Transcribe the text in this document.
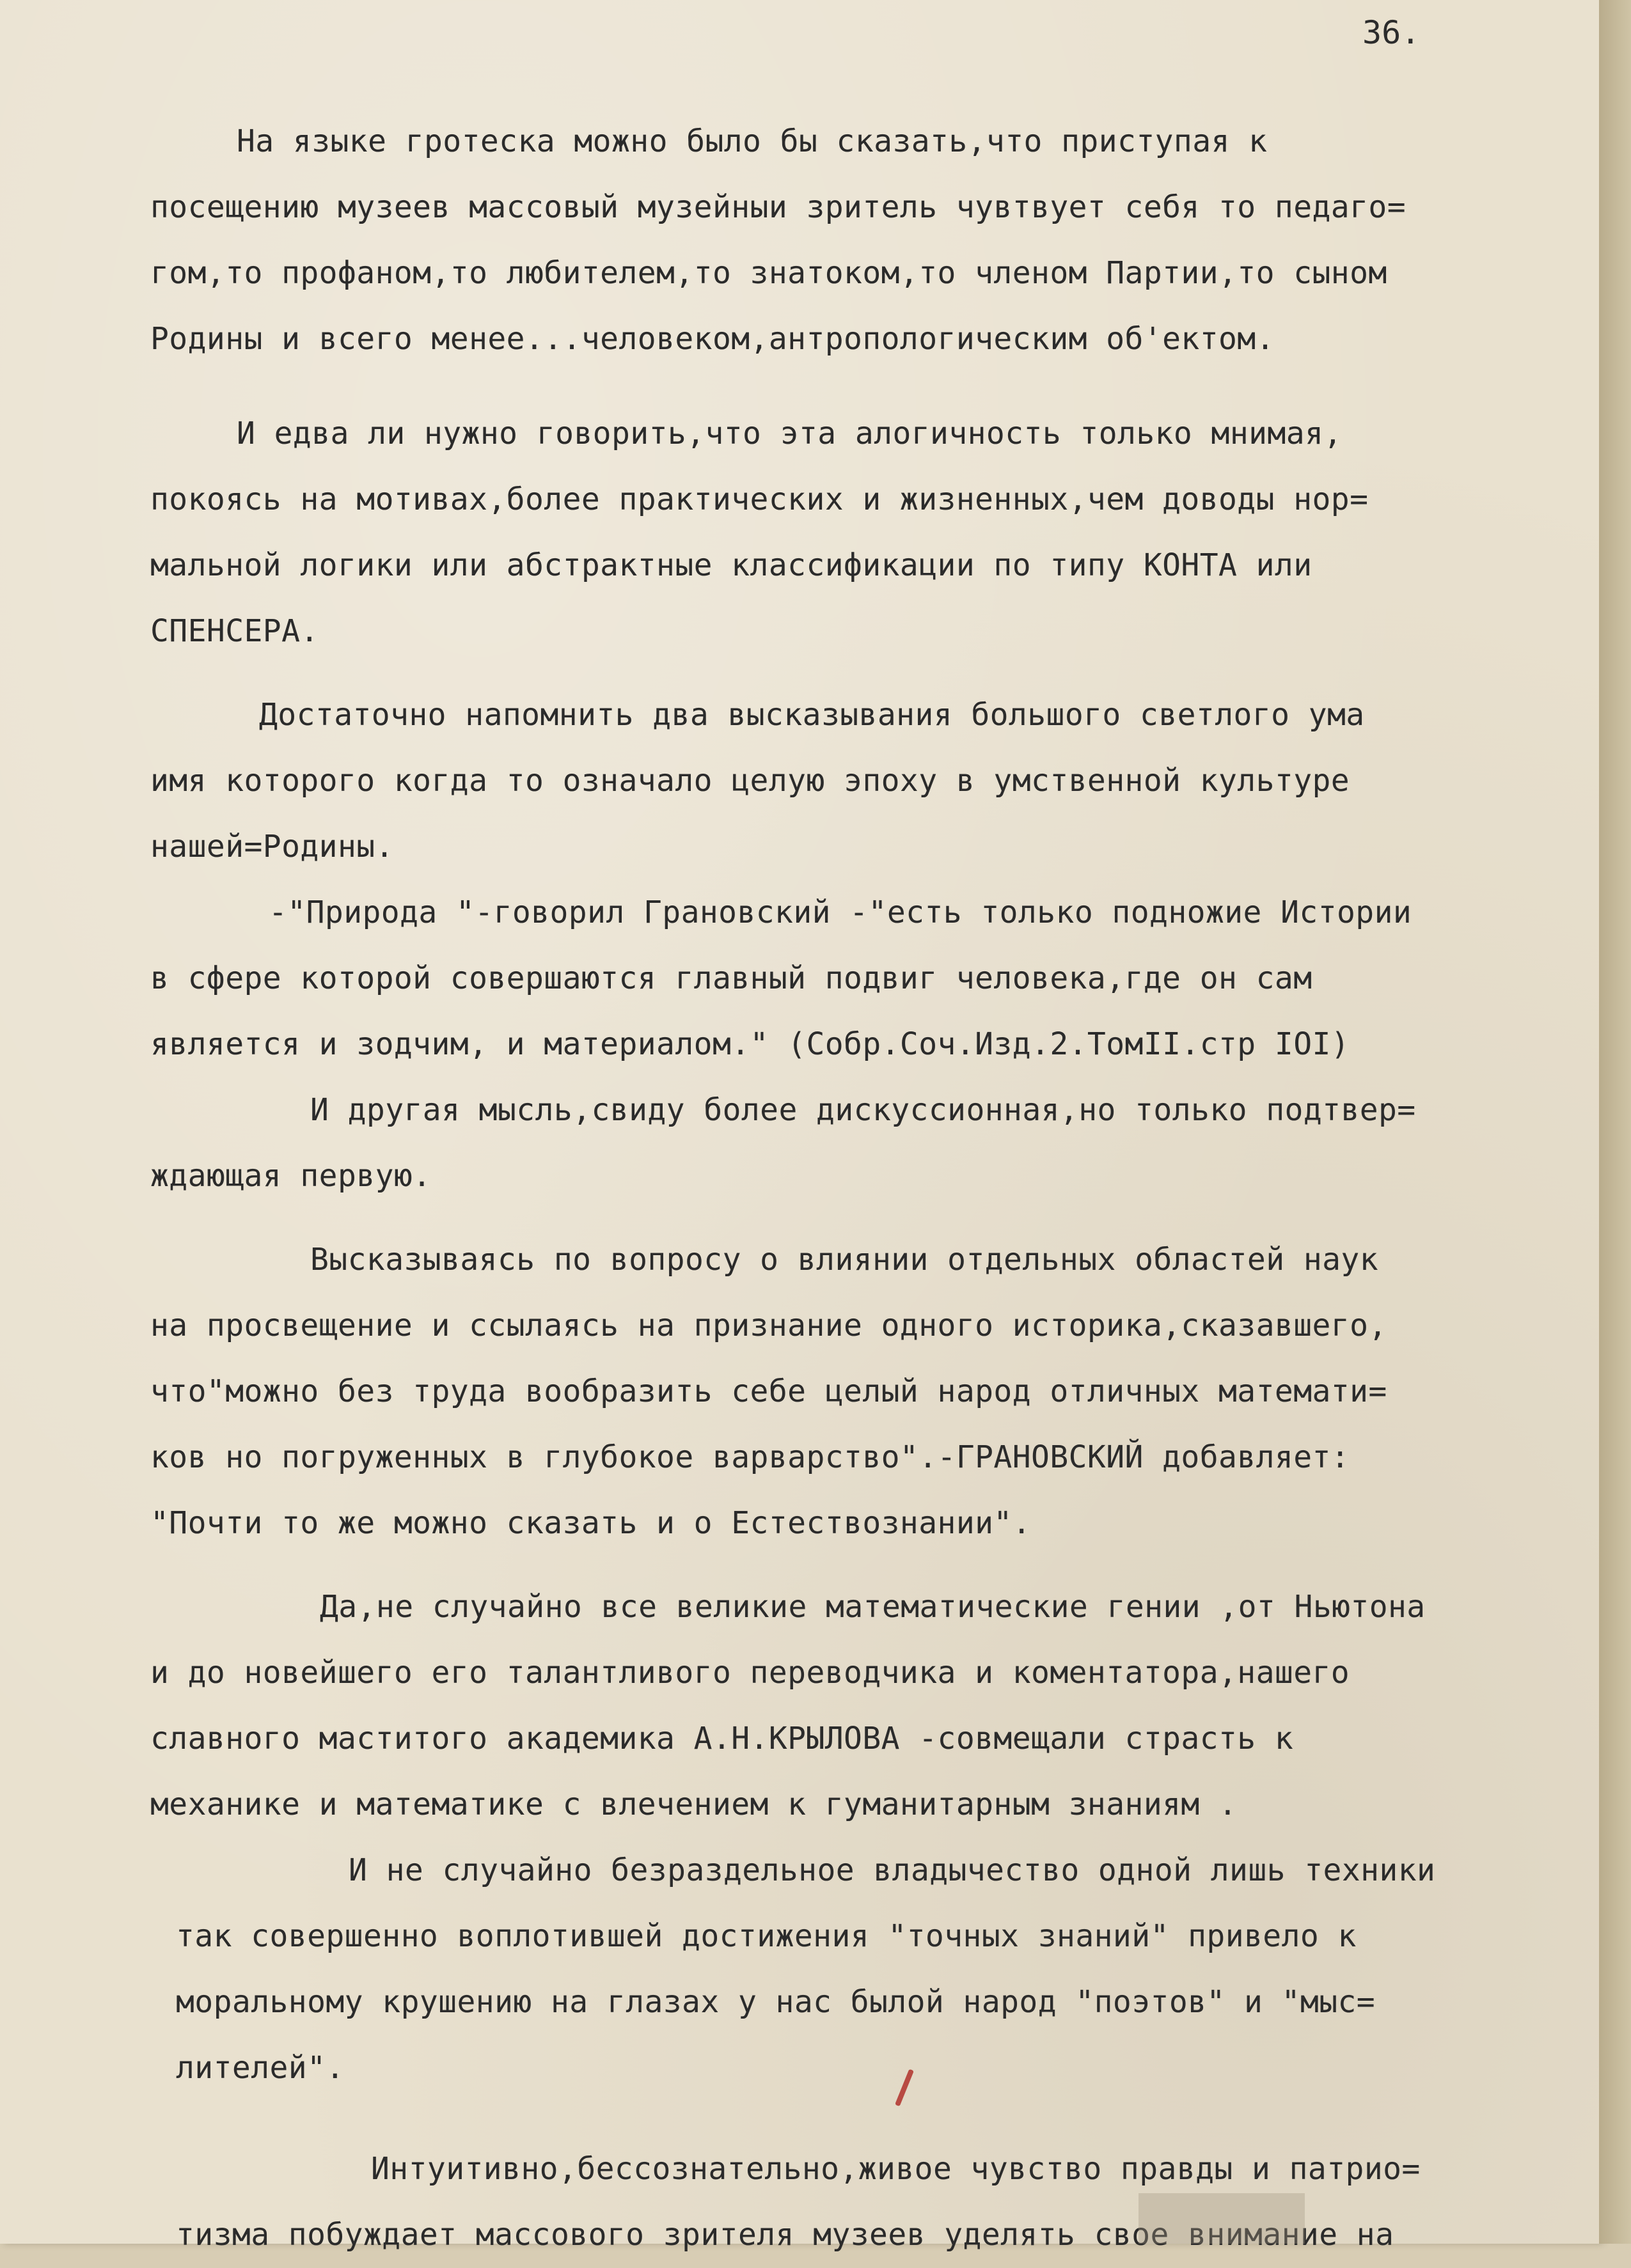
36.
На языке гротеска можно было бы сказать,что приступая к
посещению музеев массовый музейныи зритель чувтвует себя то педаго=
гом,то профаном,то любителем,то знатоком,то членом Партии,то сыном
Родины и всего менее...человеком,антропологическим об'ектом.
И едва ли нужно говорить,что эта алогичность только мнимая,
покоясь на мотивах,более практических и жизненных,чем доводы нор=
мальной логики или абстрактные классификации по типу КОНТА или
СПЕНСЕРА.
Достаточно напомнить два высказывания большого светлого ума
имя которого когда то означало целую эпоху в умственной культуре
нашей=Родины.
-"Природа "-говорил Грановский -"есть только подножие Истории
в сфере которой совершаются главный подвиг человека,где он сам
является и зодчим, и материалом." (Собр.Соч.Изд.2.ТомII.стр IOI)
И другая мысль,свиду более дискуссионная,но только подтвер=
ждающая первую.
Высказываясь по вопросу о влиянии отдельных областей наук
на просвещение и ссылаясь на признание одного историка,сказавшего,
что"можно без труда вообразить себе целый народ отличных математи=
ков но погруженных в глубокое варварство".-ГРАНОВСКИЙ добавляет:
"Почти то же можно сказать и о Естествознании".
Да,не случайно все великие математические гении ,от Ньютона
и до новейшего его талантливого переводчика и коментатора,нашего
славного маститого академика А.Н.КРЫЛОВА -совмещали страсть к
механике и математике с влечением к гуманитарным знаниям .
И не случайно безраздельное владычество одной лишь техники
так совершенно воплотившей достижения "точных знаний" привело к
моральному крушению на глазах у нас былой народ "поэтов" и "мыс=
лителей".
Интуитивно,бессознательно,живое чувство правды и патрио=
тизма побуждает массового зрителя музеев уделять свое внимание на
